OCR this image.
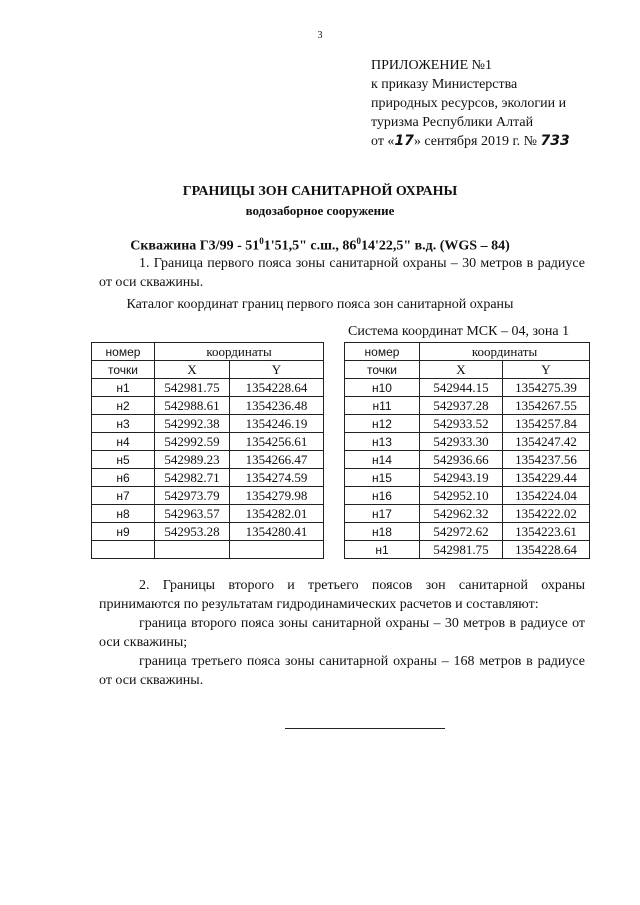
3
ПРИЛОЖЕНИЕ №1
к приказу Министерства
природных ресурсов, экологии и
туризма Республики Алтай
от «17» сентября 2019 г. № 733
ГРАНИЦЫ ЗОН САНИТАРНОЙ ОХРАНЫ
водозаборное сооружение
Скважина $Г3/99 - 51^01'51,5$" с.ш., $86^014'22,5$" в.д. (WGS – 84)
1. Граница первого пояса зоны санитарной охраны – 30 метров в радиусе от оси скважины.
Каталог координат границ первого пояса зон санитарной охраны
Система координат МСК – 04, зона 1
номер	координаты	
точки	X	Y
н1	542981.75	1354228.64
н2	542988.61	1354236.48
н3	542992.38	1354246.19
н4	542992.59	1354256.61
н5	542989.23	1354266.47
н6	542982.71	1354274.59
н7	542973.79	1354279.98
н8	542963.57	1354282.01
н9	542953.28	1354280.41

номер	координаты	
точки	X	Y
н10	542944.15	1354275.39
н11	542937.28	1354267.55
н12	542933.52	1354257.84
н13	542933.30	1354247.42
н14	542936.66	1354237.56
н15	542943.19	1354229.44
н16	542952.10	1354224.04
н17	542962.32	1354222.02
н18	542972.62	1354223.61
н1	542981.75	1354228.64
2. Границы второго и третьего поясов зон санитарной охраны принимаются по результатам гидродинамических расчетов и составляют:
граница второго пояса зоны санитарной охраны – 30 метров в радиусе от оси скважины;
граница третьего пояса зоны санитарной охраны – 168 метров в радиусе от оси скважины.
